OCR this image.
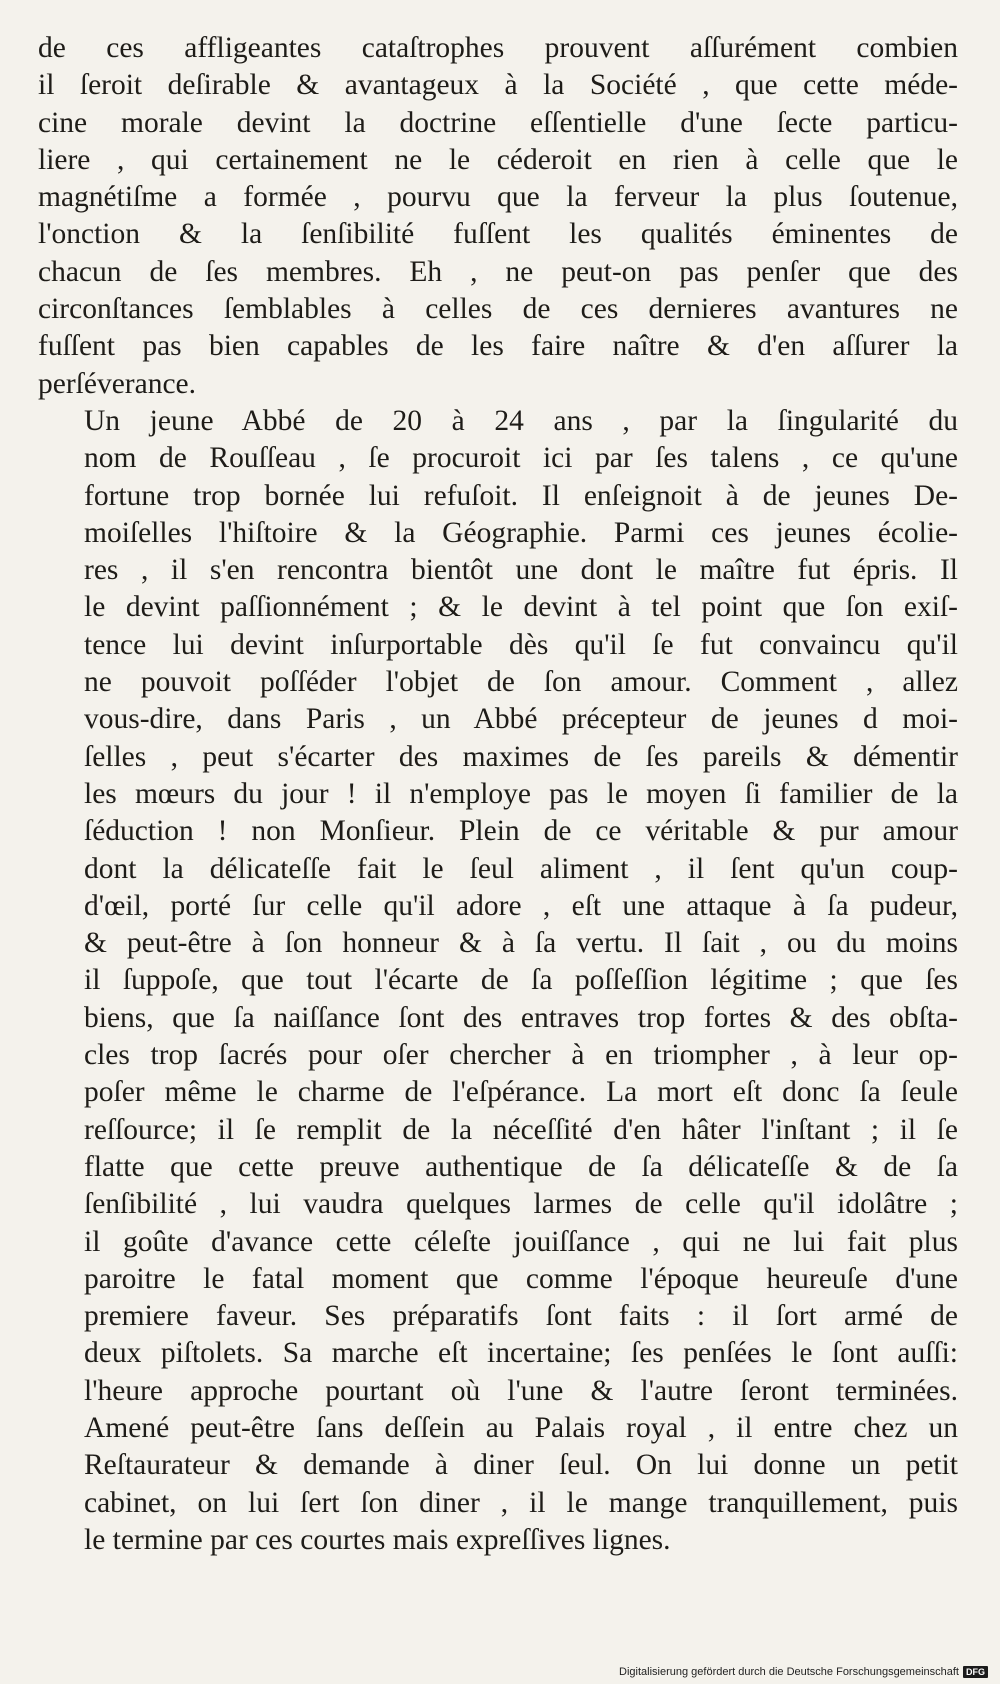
de ces affligeantes cataſtrophes prouvent aſſurément combien
il ſeroit deſirable & avantageux à la Société , que cette méde-
cine morale devint la doctrine eſſentielle d'une ſecte particu-
liere , qui certainement ne le céderoit en rien à celle que le
magnétiſme a formée , pourvu que la ferveur la plus ſoutenue,
l'onction & la ſenſibilité fuſſent les qualités éminentes de
chacun de ſes membres. Eh , ne peut-on pas penſer que des
circonſtances ſemblables à celles de ces dernieres avantures ne
fuſſent pas bien capables de les faire naître & d'en aſſurer la
perſéverance.

Un jeune Abbé de 20 à 24 ans , par la ſingularité du
nom de Rouſſeau , ſe procuroit ici par ſes talens , ce qu'une
fortune trop bornée lui refuſoit. Il enſeignoit à de jeunes De-
moiſelles l'hiſtoire & la Géographie. Parmi ces jeunes écolie-
res , il s'en rencontra bientôt une dont le maître fut épris. Il
le devint paſſionnément ; & le devint à tel point que ſon exiſ-
tence lui devint inſurportable dès qu'il ſe fut convaincu qu'il
ne pouvoit poſſéder l'objet de ſon amour. Comment , allez
vous-dire, dans Paris , un Abbé précepteur de jeunes d moi-
ſelles , peut s'écarter des maximes de ſes pareils & démentir
les mœurs du jour ! il n'employe pas le moyen ſi familier de la
ſéduction ! non Monſieur. Plein de ce véritable & pur amour
dont la délicateſſe fait le ſeul aliment , il ſent qu'un coup-
d'œil, porté ſur celle qu'il adore , eſt une attaque à ſa pudeur,
& peut-être à ſon honneur & à ſa vertu. Il ſait , ou du moins
il ſuppoſe, que tout l'écarte de ſa poſſeſſion légitime ; que ſes
biens, que ſa naiſſance ſont des entraves trop fortes & des obſta-
cles trop ſacrés pour oſer chercher à en triompher , à leur op-
poſer même le charme de l'eſpérance. La mort eſt donc ſa ſeule
reſſource; il ſe remplit de la néceſſité d'en hâter l'inſtant ; il ſe
flatte que cette preuve authentique de ſa délicateſſe & de ſa
ſenſibilité , lui vaudra quelques larmes de celle qu'il idolâtre ;
il goûte d'avance cette céleſte jouiſſance , qui ne lui fait plus
paroitre le fatal moment que comme l'époque heureuſe d'une
premiere faveur. Ses préparatifs ſont faits : il ſort armé de
deux piſtolets. Sa marche eſt incertaine; ſes penſées le ſont auſſi:
l'heure approche pourtant où l'une & l'autre ſeront terminées.
Amené peut-être ſans deſſein au Palais royal , il entre chez un
Reſtaurateur & demande à diner ſeul. On lui donne un petit
cabinet, on lui ſert ſon diner , il le mange tranquillement, puis
le termine par ces courtes mais expreſſives lignes.

Digitalisierung gefördert durch die Deutsche Forschungsgemeinschaft DFG
